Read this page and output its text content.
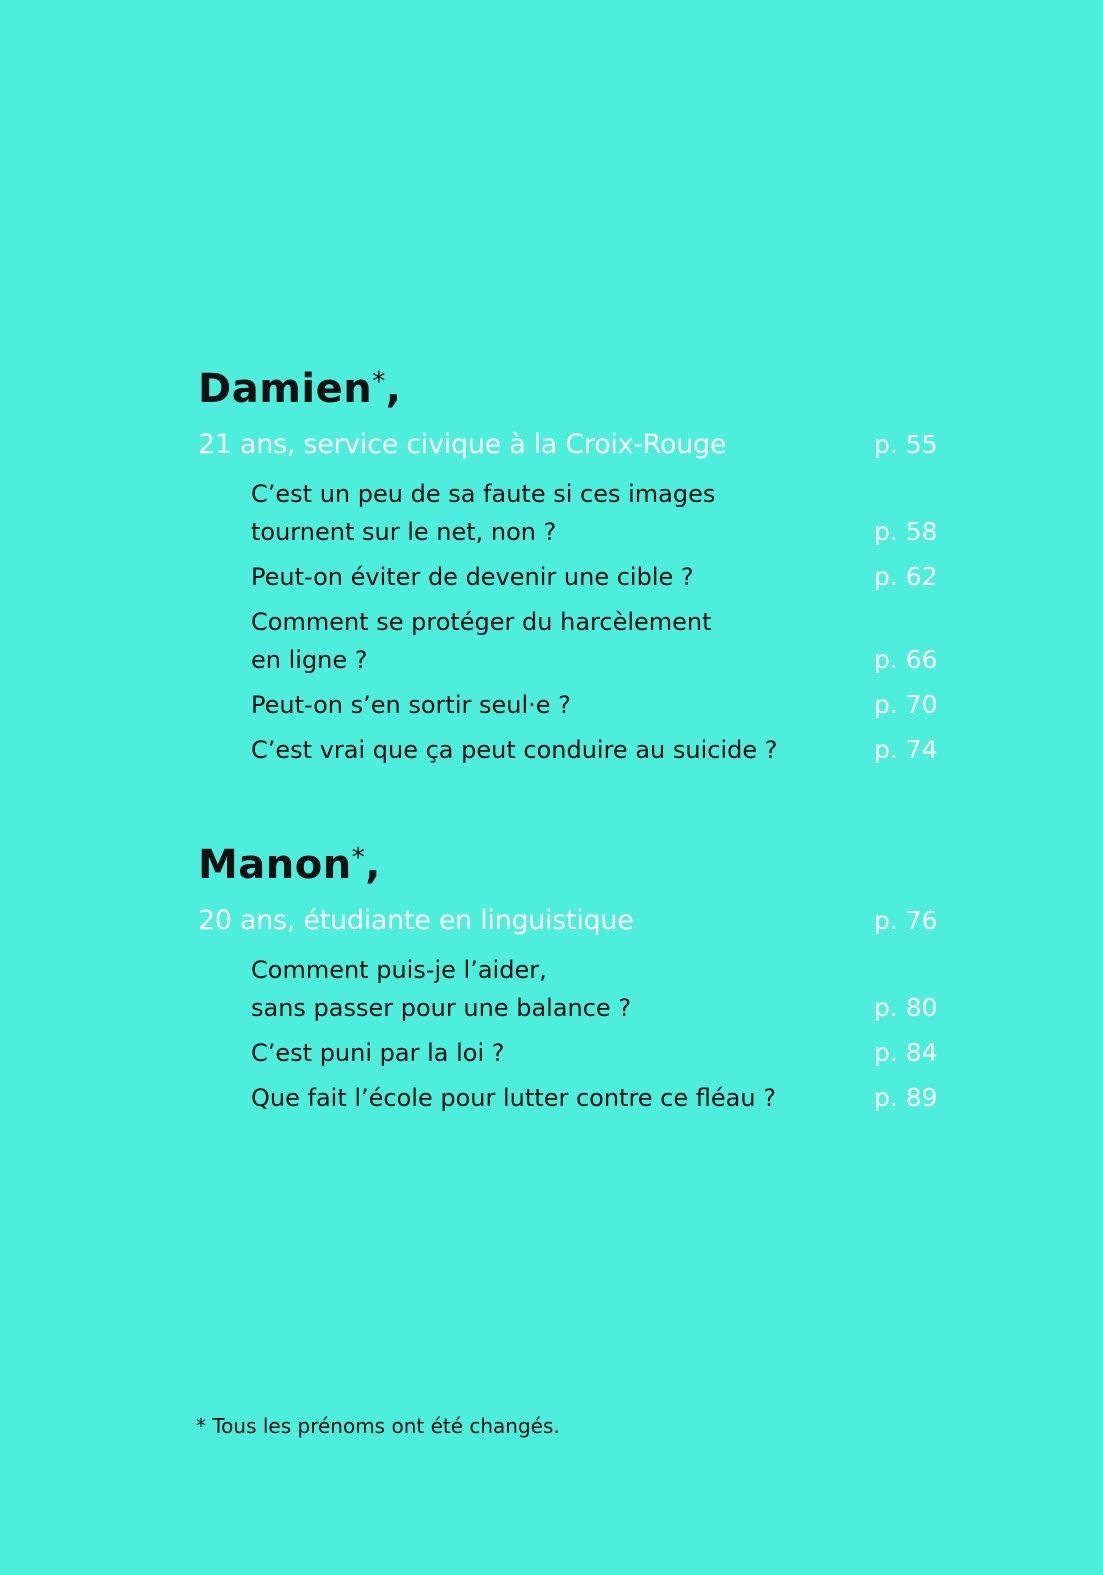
Damien*,
21 ans, service civique à la Croix-Rouge	p. 55
C’est un peu de sa faute si ces images
tournent sur le net, non ?	p. 58
Peut-on éviter de devenir une cible ?	p. 62
Comment se protéger du harcèlement
en ligne ?	p. 66
Peut-on s’en sortir seul·e ?	p. 70
C’est vrai que ça peut conduire au suicide ?	p. 74
Manon*,
20 ans, étudiante en linguistique	p. 76
Comment puis-je l’aider,
sans passer pour une balance ?	p. 80
C’est puni par la loi ?	p. 84
Que fait l’école pour lutter contre ce fléau ?	p. 89
* Tous les prénoms ont été changés.
